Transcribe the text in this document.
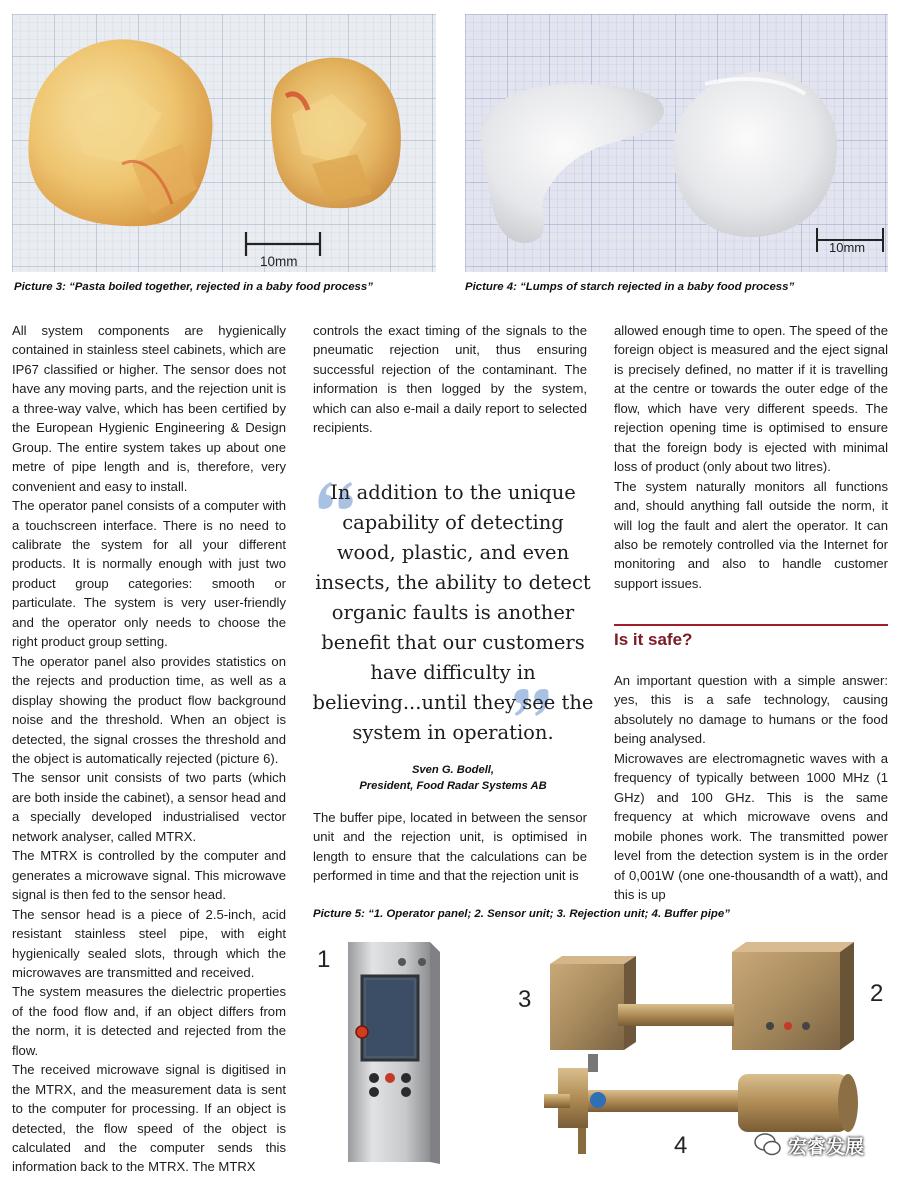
10mm
Picture 3: “Pasta boiled together, rejected in a baby food process”
10mm
Picture 4: “Lumps of starch rejected in a baby food process”

All system components are hygienically contained in stainless steel cabinets, which are IP67 classified or higher. The sensor does not have any moving parts, and the rejection unit is a three-way valve, which has been certified by the European Hygienic Engineering & Design Group. The entire system takes up about one metre of pipe length and is, therefore, very convenient and easy to install.

The operator panel consists of a computer with a touchscreen interface. There is no need to calibrate the system for all your different products. It is normally enough with just two product group categories: smooth or particulate. The system is very user-friendly and the operator only needs to choose the right product group setting.

The operator panel also provides statistics on the rejects and production time, as well as a display showing the product flow background noise and the threshold. When an object is detected, the signal crosses the threshold and the object is automatically rejected (picture 6).

The sensor unit consists of two parts (which are both inside the cabinet), a sensor head and a specially developed industrialised vector network analyser, called MTRX.

The MTRX is controlled by the computer and generates a microwave signal. This microwave signal is then fed to the sensor head.

The sensor head is a piece of 2.5-inch, acid resistant stainless steel pipe, with eight hygienically sealed slots, through which the microwaves are transmitted and received.

The system measures the dielectric properties of the food flow and, if an object differs from the norm, it is detected and rejected from the flow.

The received microwave signal is digitised in the MTRX, and the measurement data is sent to the computer for processing. If an object is detected, the flow speed of the object is calculated and the computer sends this information back to the MTRX. The MTRX

controls the exact timing of the signals to the pneumatic rejection unit, thus ensuring successful rejection of the contaminant. The information is then logged by the system, which can also e-mail a daily report to selected recipients.

In addition to the unique capability of detecting wood, plastic, and even insects, the ability to detect organic faults is another benefit that our customers have difficulty in believing...until they see the system in operation.
Sven G. Bodell,
President, Food Radar Systems AB

The buffer pipe, located in between the sensor unit and the rejection unit, is optimised in length to ensure that the calculations can be performed in time and that the rejection unit is

allowed enough time to open. The speed of the foreign object is measured and the eject signal is precisely defined, no matter if it is travelling at the centre or towards the outer edge of the flow, which have very different speeds. The rejection opening time is optimised to ensure that the foreign body is ejected with minimal loss of product (only about two litres).

The system naturally monitors all functions and, should anything fall outside the norm, it will log the fault and alert the operator. It can also be remotely controlled via the Internet for monitoring and also to handle customer support issues.

Is it safe?

An important question with a simple answer: yes, this is a safe technology, causing absolutely no damage to humans or the food being analysed.

Microwaves are electromagnetic waves with a frequency of typically between 1000 MHz (1 GHz) and 100 GHz. This is the same frequency at which microwave ovens and mobile phones work. The transmitted power level from the detection system is in the order of 0,001W (one one-thousandth of a watt), and this is up

Picture 5: “1. Operator panel; 2. Sensor unit; 3. Rejection unit; 4. Buffer pipe”
1
2
3
4	宏睿发展
